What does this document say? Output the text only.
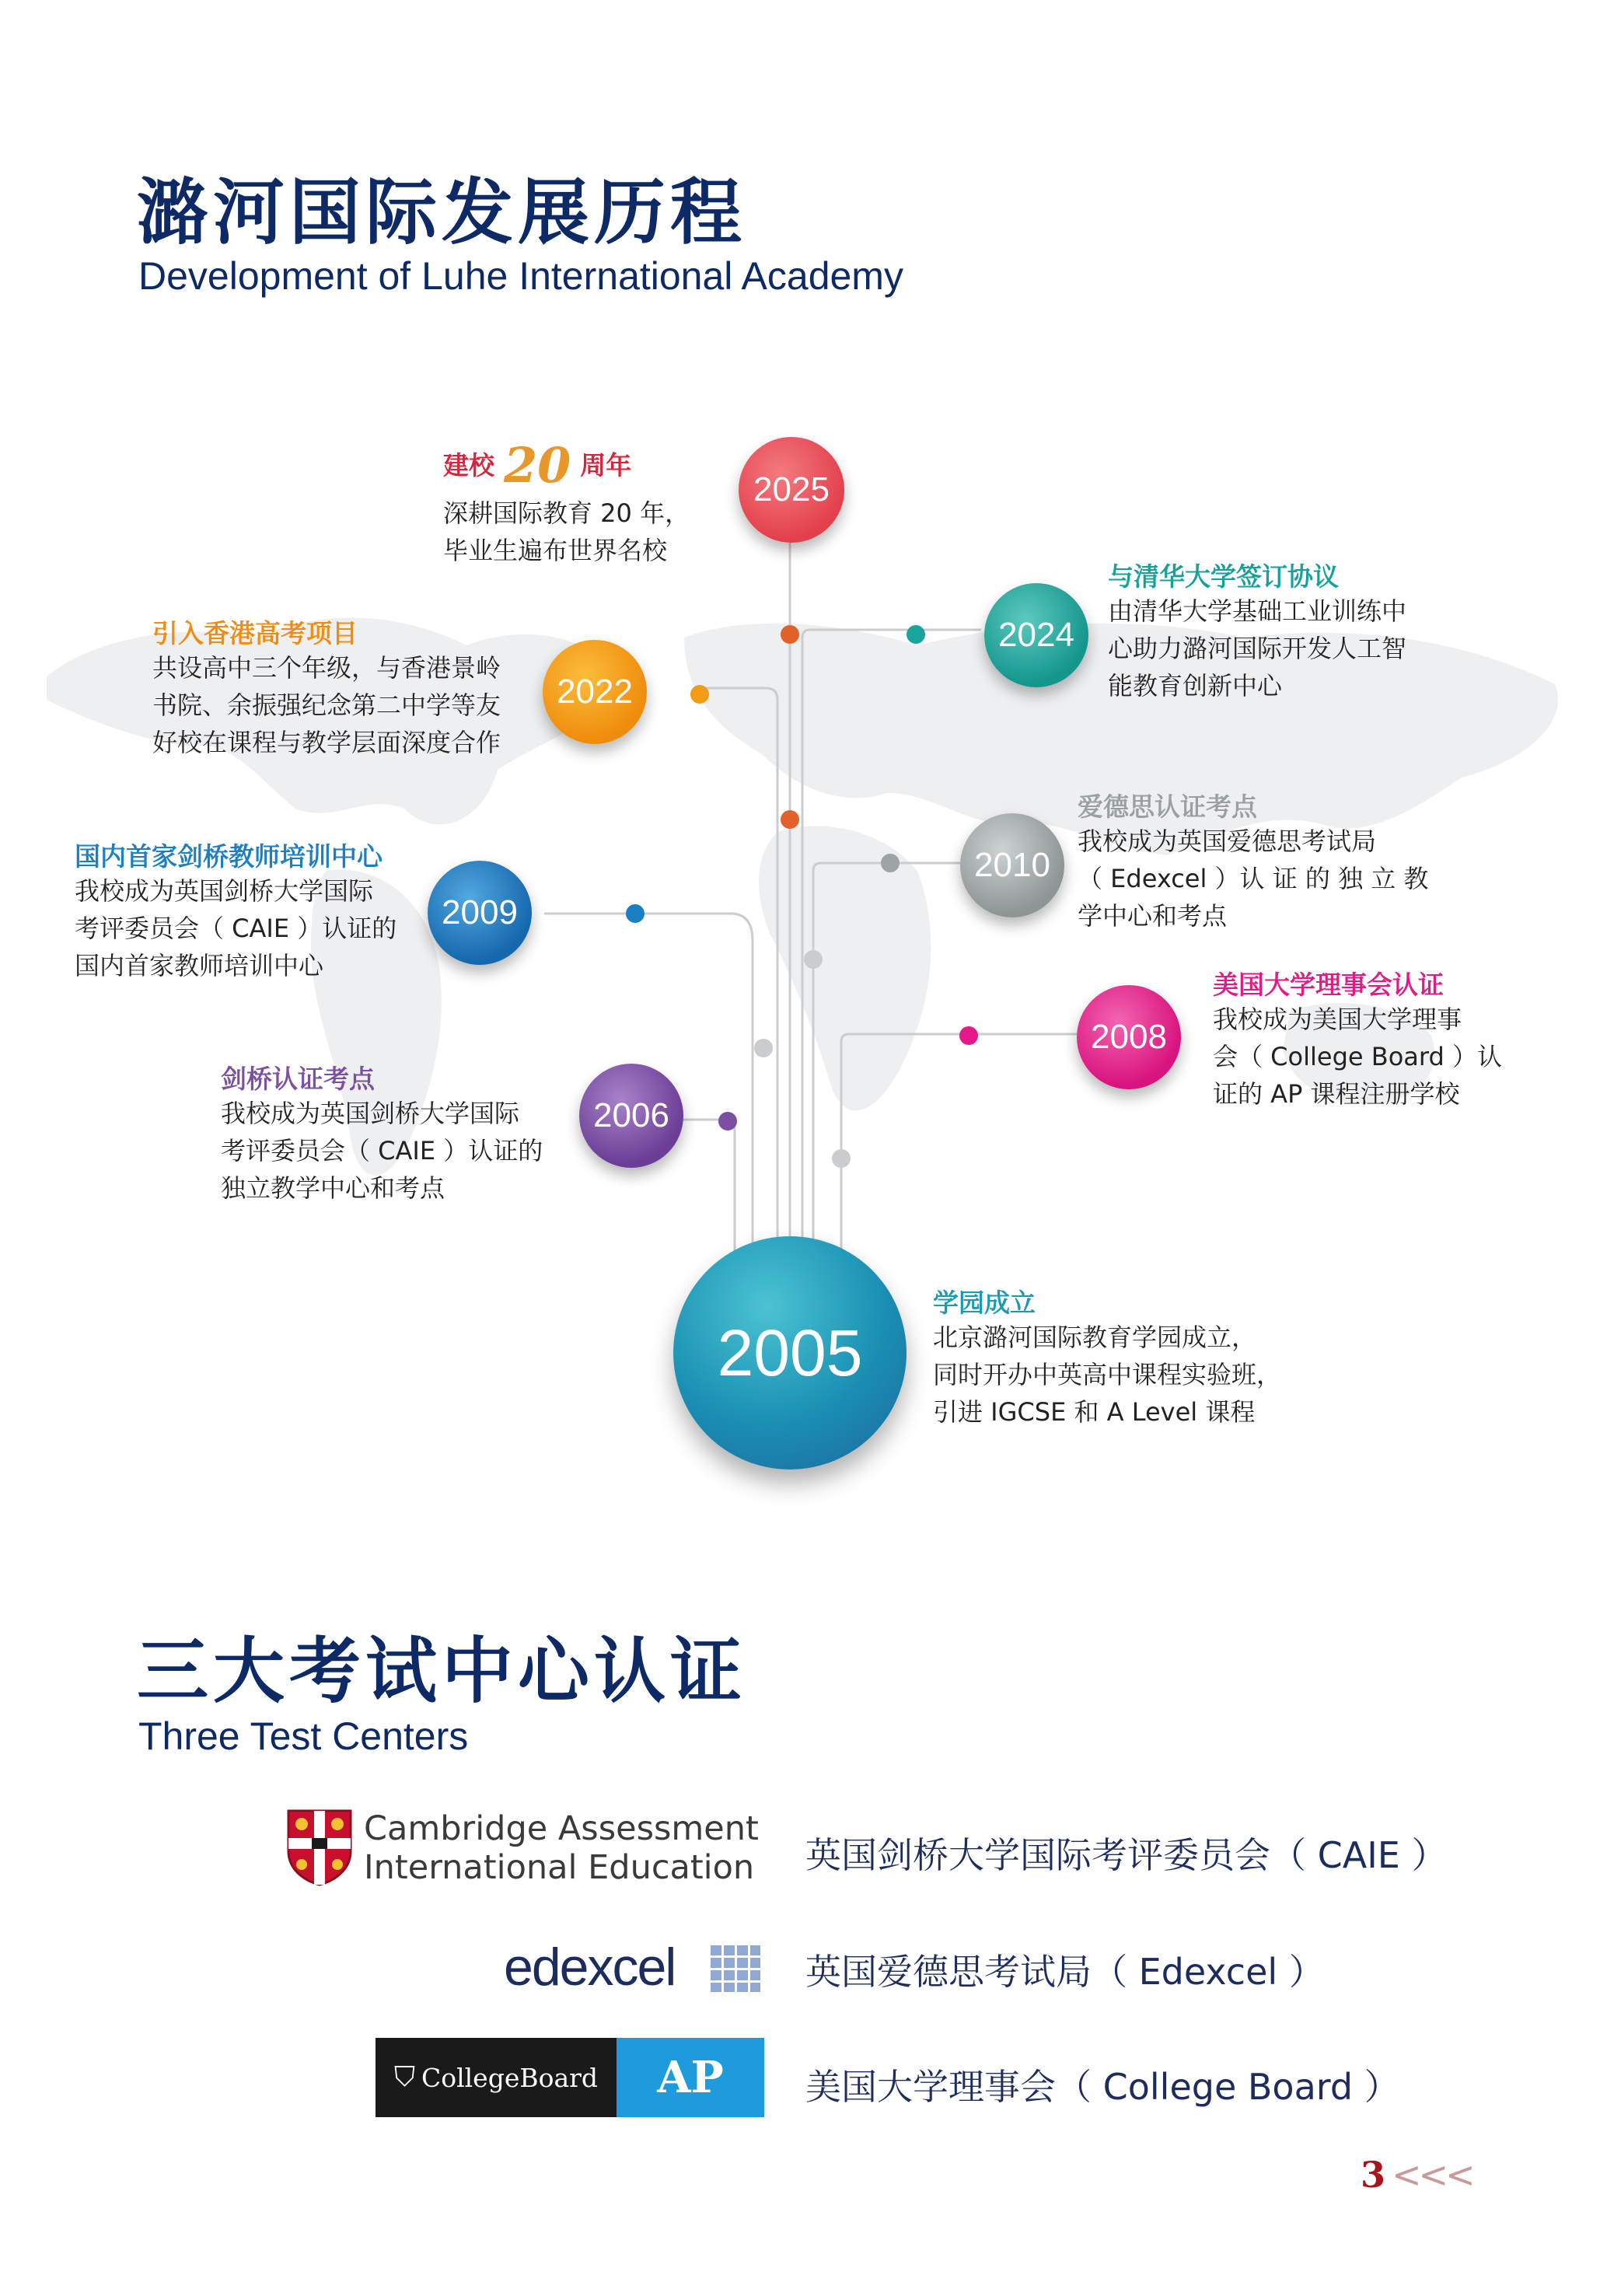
潞河国际发展历程
Development of Luhe International Academy
2025
2024
2022
2010
2009
2008
2006
2005
建校 20 周年
深耕国际教育 20 年，
毕业生遍布世界名校
与清华大学签订协议
由清华大学基础工业训练中
心助力潞河国际开发人工智
能教育创新中心
引入香港高考项目
共设高中三个年级，与香港景岭
书院、余振强纪念第二中学等友
好校在课程与教学层面深度合作
爱德思认证考点
我校成为英国爱德思考试局
（ Edexcel ）认 证 的 独 立 教
学中心和考点
国内首家剑桥教师培训中心
我校成为英国剑桥大学国际
考评委员会（ CAIE ）认证的
国内首家教师培训中心
美国大学理事会认证
我校成为美国大学理事
会（ College Board ）认
证的 AP 课程注册学校
剑桥认证考点
我校成为英国剑桥大学国际
考评委员会（ CAIE ）认证的
独立教学中心和考点
学园成立
北京潞河国际教育学园成立，
同时开办中英高中课程实验班，
引进 IGCSE 和 A Level 课程
三大考试中心认证
Three Test Centers
Cambridge Assessment
International Education 英国剑桥大学国际考评委员会（ CAIE ）
edexcel	英国爱德思考试局（ Edexcel ）
⛉ CollegeBoard AP 美国大学理事会（ College Board ）
3 <<<
